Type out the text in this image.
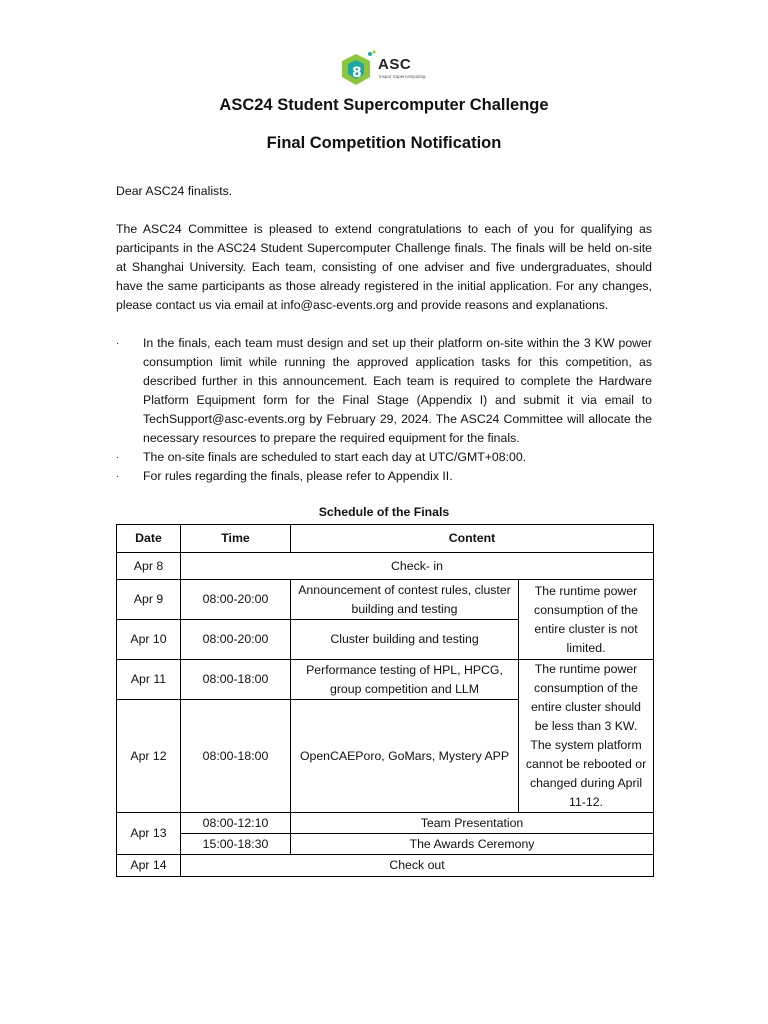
8 ASC
Inspur Supercomputing
ASC24 Student Supercomputer Challenge
Final Competition Notification
Dear ASC24 finalists.
The ASC24 Committee is pleased to extend congratulations to each of you for qualifying as participants in the ASC24 Student Supercomputer Challenge finals. The finals will be held on-site at Shanghai University. Each team, consisting of one adviser and five undergraduates, should have the same participants as those already registered in the initial application. For any changes, please contact us via email at info@asc-events.org and provide reasons and explanations.
·	In the finals, each team must design and set up their platform on-site within the 3 KW power consumption limit while running the approved application tasks for this competition, as described further in this announcement. Each team is required to complete the Hardware Platform Equipment form for the Final Stage (Appendix I) and submit it via email to TechSupport@asc-events.org by February 29, 2024. The ASC24 Committee will allocate the necessary resources to prepare the required equipment for the finals.
·	The on-site finals are scheduled to start each day at UTC/GMT+08:00.
·	For rules regarding the finals, please refer to Appendix II.
Schedule of the Finals
Date	Time	Content	
Apr 8	Check- in		
Apr 9	08:00-20:00	Announcement of contest rules, cluster building and testing	The runtime power consumption of the entire cluster is not limited.
Apr 10	08:00-20:00	Cluster building and testing	
Apr 11	08:00-18:00	Performance testing of HPL, HPCG, group competition and LLM	The runtime power consumption of the entire cluster should be less than 3 KW. The system platform cannot be rebooted or changed during April 11-12.
Apr 12	08:00-18:00	OpenCAEPoro, GoMars, Mystery APP	
Apr 13	08:00-12:10	Team Presentation	
	15:00-18:30	The Awards Ceremony	
Apr 14	Check out		
